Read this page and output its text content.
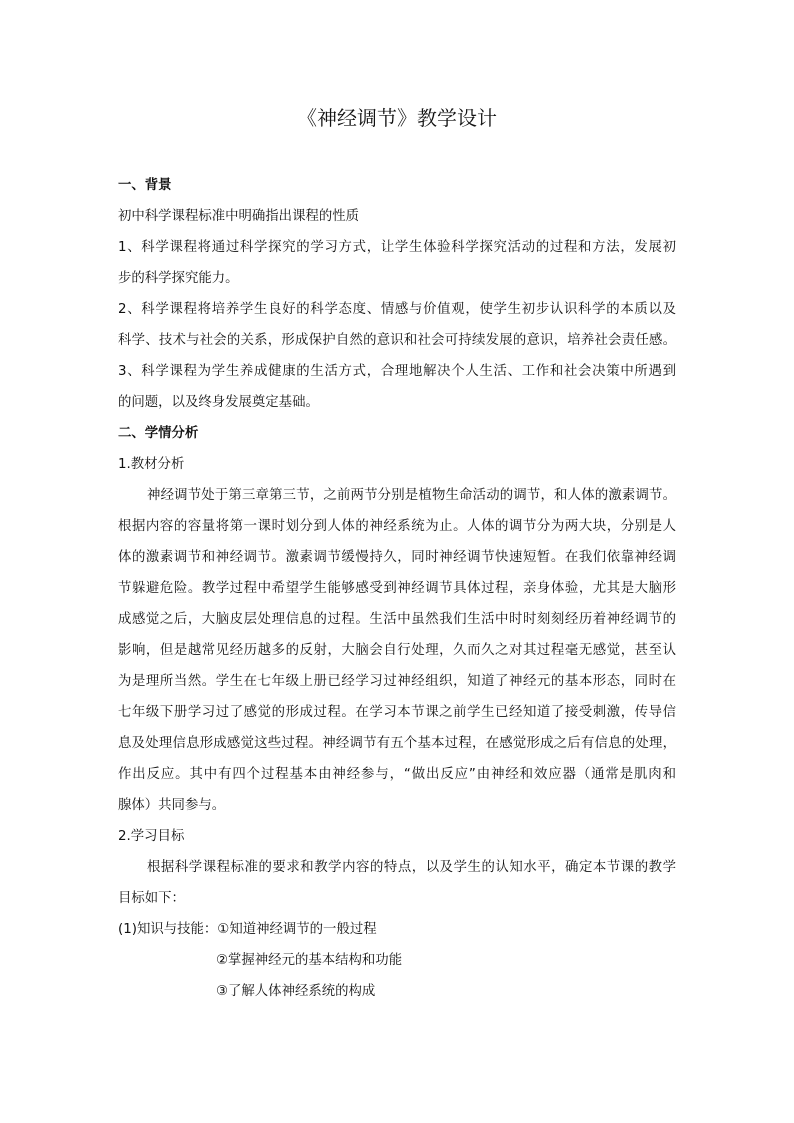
《神经调节》教学设计
一、背景
初中科学课程标准中明确指出课程的性质
1、科学课程将通过科学探究的学习方式，让学生体验科学探究活动的过程和方法，发展初
步的科学探究能力。
2、科学课程将培养学生良好的科学态度、情感与价值观，使学生初步认识科学的本质以及
科学、技术与社会的关系，形成保护自然的意识和社会可持续发展的意识，培养社会责任感。
3、科学课程为学生养成健康的生活方式，合理地解决个人生活、工作和社会决策中所遇到
的问题，以及终身发展奠定基础。
二、学情分析
1.教材分析
神经调节处于第三章第三节，之前两节分别是植物生命活动的调节，和人体的激素调节。
根据内容的容量将第一课时划分到人体的神经系统为止。人体的调节分为两大块，分别是人
体的激素调节和神经调节。激素调节缓慢持久，同时神经调节快速短暂。在我们依靠神经调
节躲避危险。教学过程中希望学生能够感受到神经调节具体过程，亲身体验，尤其是大脑形
成感觉之后，大脑皮层处理信息的过程。生活中虽然我们生活中时时刻刻经历着神经调节的
影响，但是越常见经历越多的反射，大脑会自行处理，久而久之对其过程毫无感觉，甚至认
为是理所当然。学生在七年级上册已经学习过神经组织，知道了神经元的基本形态，同时在
七年级下册学习过了感觉的形成过程。在学习本节课之前学生已经知道了接受刺激，传导信
息及处理信息形成感觉这些过程。神经调节有五个基本过程，在感觉形成之后有信息的处理，
作出反应。其中有四个过程基本由神经参与，“做出反应”由神经和效应器（通常是肌肉和
腺体）共同参与。
2.学习目标
根据科学课程标准的要求和教学内容的特点，以及学生的认知水平，确定本节课的教学
目标如下：
(1)知识与技能：①知道神经调节的一般过程
②掌握神经元的基本结构和功能
③了解人体神经系统的构成
